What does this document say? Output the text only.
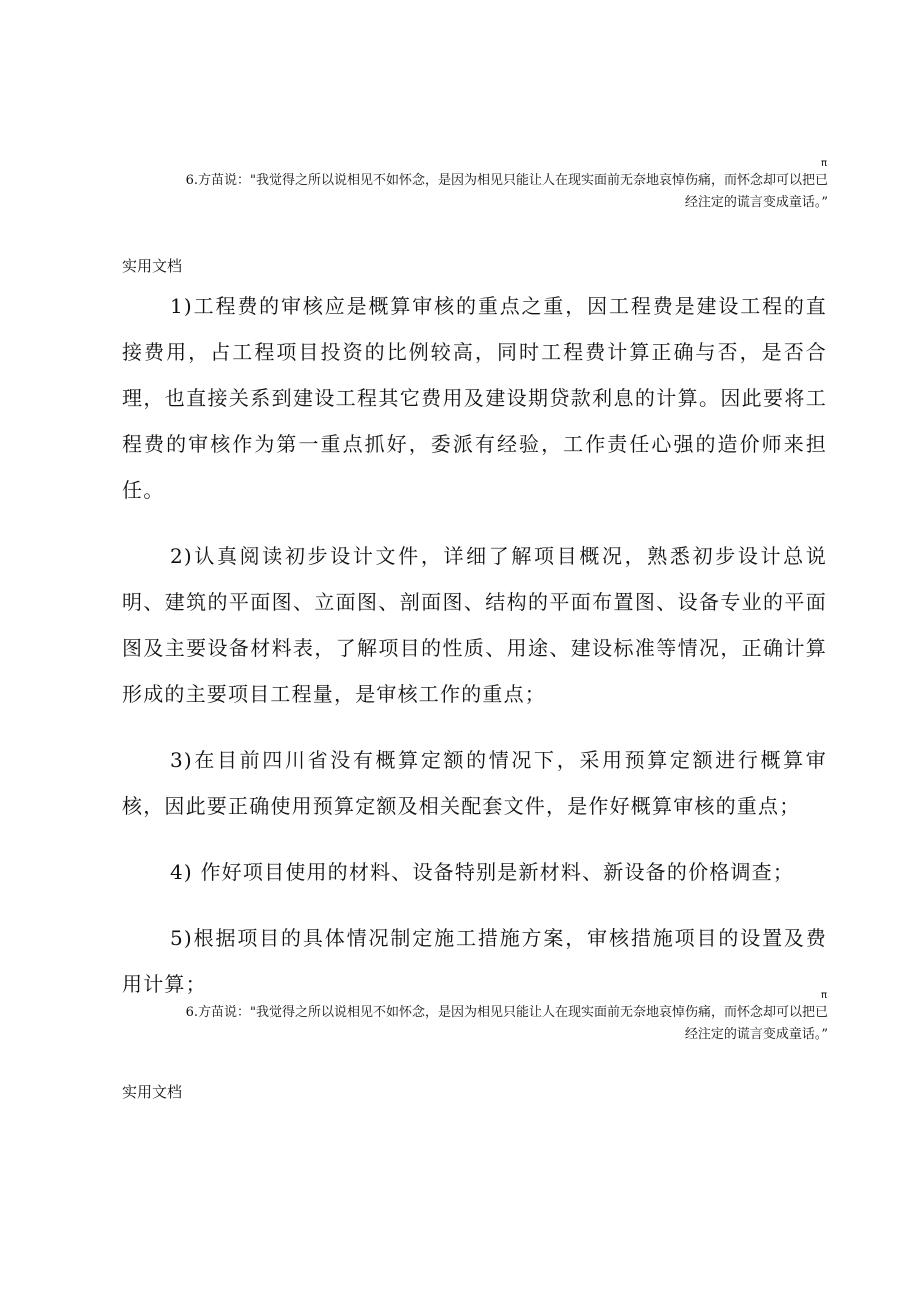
π
6.方苗说："我觉得之所以说相见不如怀念，是因为相见只能让人在现实面前无奈地哀悼伤痛，而怀念却可以把已
经注定的谎言变成童话。”
实用文档

1)工程费的审核应是概算审核的重点之重，因工程费是建设工程的直接费用，占工程项目投资的比例较高，同时工程费计算正确与否，是否合理，也直接关系到建设工程其它费用及建设期贷款利息的计算。因此要将工程费的审核作为第一重点抓好，委派有经验，工作责任心强的造价师来担任。

2)认真阅读初步设计文件，详细了解项目概况，熟悉初步设计总说明、建筑的平面图、立面图、剖面图、结构的平面布置图、设备专业的平面图及主要设备材料表，了解项目的性质、用途、建设标准等情况，正确计算形成的主要项目工程量，是审核工作的重点；

3)在目前四川省没有概算定额的情况下，采用预算定额进行概算审核，因此要正确使用预算定额及相关配套文件，是作好概算审核的重点；

4) 作好项目使用的材料、设备特别是新材料、新设备的价格调查；

5)根据项目的具体情况制定施工措施方案，审核措施项目的设置及费用计算；	π
6.方苗说："我觉得之所以说相见不如怀念，是因为相见只能让人在现实面前无奈地哀悼伤痛，而怀念却可以把已
经注定的谎言变成童话。”
实用文档
